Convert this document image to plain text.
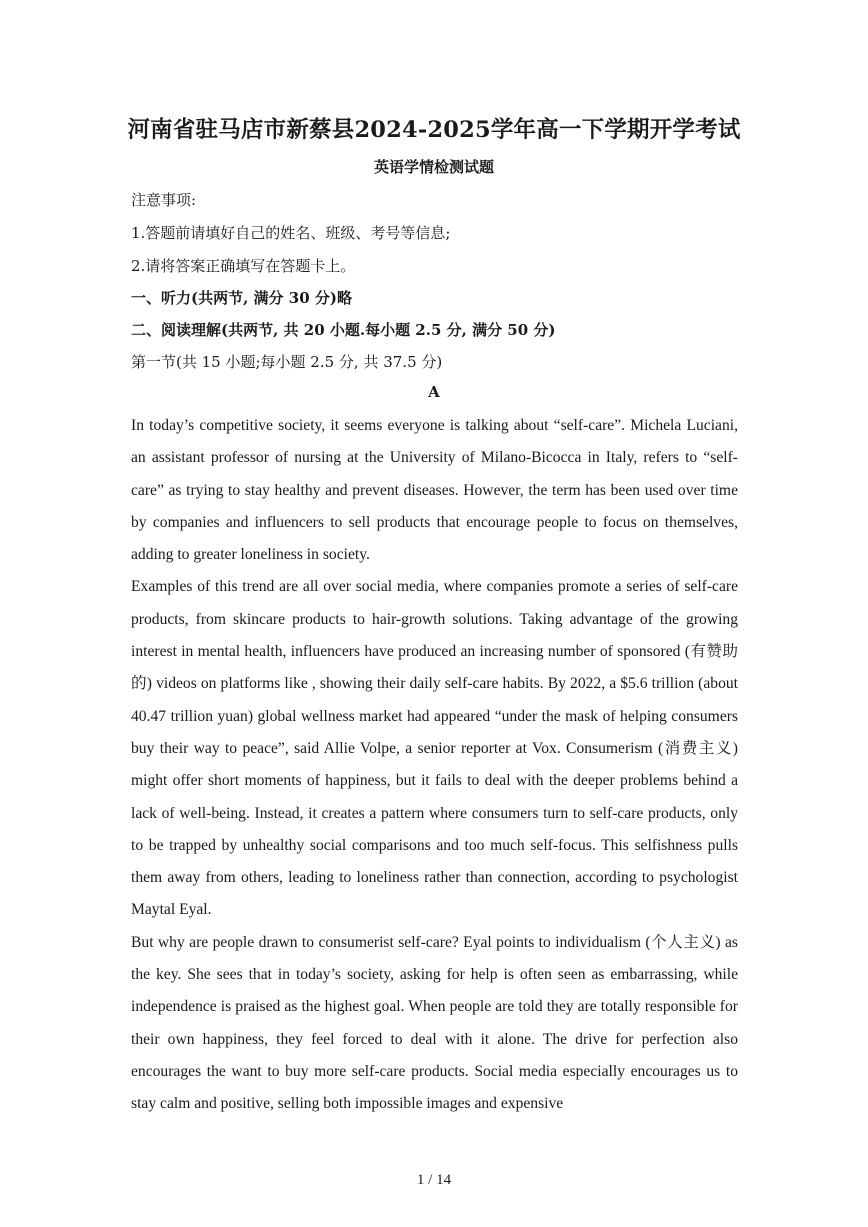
河南省驻马店市新蔡县2024-2025学年高一下学期开学考试
英语学情检测试题
注意事项:
1.答题前请填好自己的姓名、班级、考号等信息;
2.请将答案正确填写在答题卡上。
一、听力(共两节, 满分 30 分)略
二、阅读理解(共两节, 共 20 小题.每小题 2.5 分, 满分 50 分)
第一节(共 15 小题;每小题 2.5 分, 共 37.5 分)
A

In today’s competitive society, it seems everyone is talking about “self-care”. Michela Luciani, an assistant professor of nursing at the University of Milano-Bicocca in Italy, refers to “self-care” as trying to stay healthy and prevent diseases. However, the term has been used over time by companies and influencers to sell products that encourage people to focus on themselves, adding to greater loneliness in society.

Examples of this trend are all over social media, where companies promote a series of self-care products, from skincare products to hair-growth solutions. Taking advantage of the growing interest in mental health, influencers have produced an increasing number of sponsored (有赞助的) videos on platforms like , showing their daily self-care habits. By 2022, a $5.6 trillion (about 40.47 trillion yuan) global wellness market had appeared “under the mask of helping consumers buy their way to peace”, said Allie Volpe, a senior reporter at Vox. Consumerism (消费主义) might offer short moments of happiness, but it fails to deal with the deeper problems behind a lack of well-being. Instead, it creates a pattern where consumers turn to self-care products, only to be trapped by unhealthy social comparisons and too much self-focus. This selfishness pulls them away from others, leading to loneliness rather than connection, according to psychologist Maytal Eyal.

But why are people drawn to consumerist self-care? Eyal points to individualism (个人主义) as the key. She sees that in today’s society, asking for help is often seen as embarrassing, while independence is praised as the highest goal. When people are told they are totally responsible for their own happiness, they feel forced to deal with it alone. The drive for perfection also encourages the want to buy more self-care products. Social media especially encourages us to stay calm and positive, selling both impossible images and expensive

1 / 14
